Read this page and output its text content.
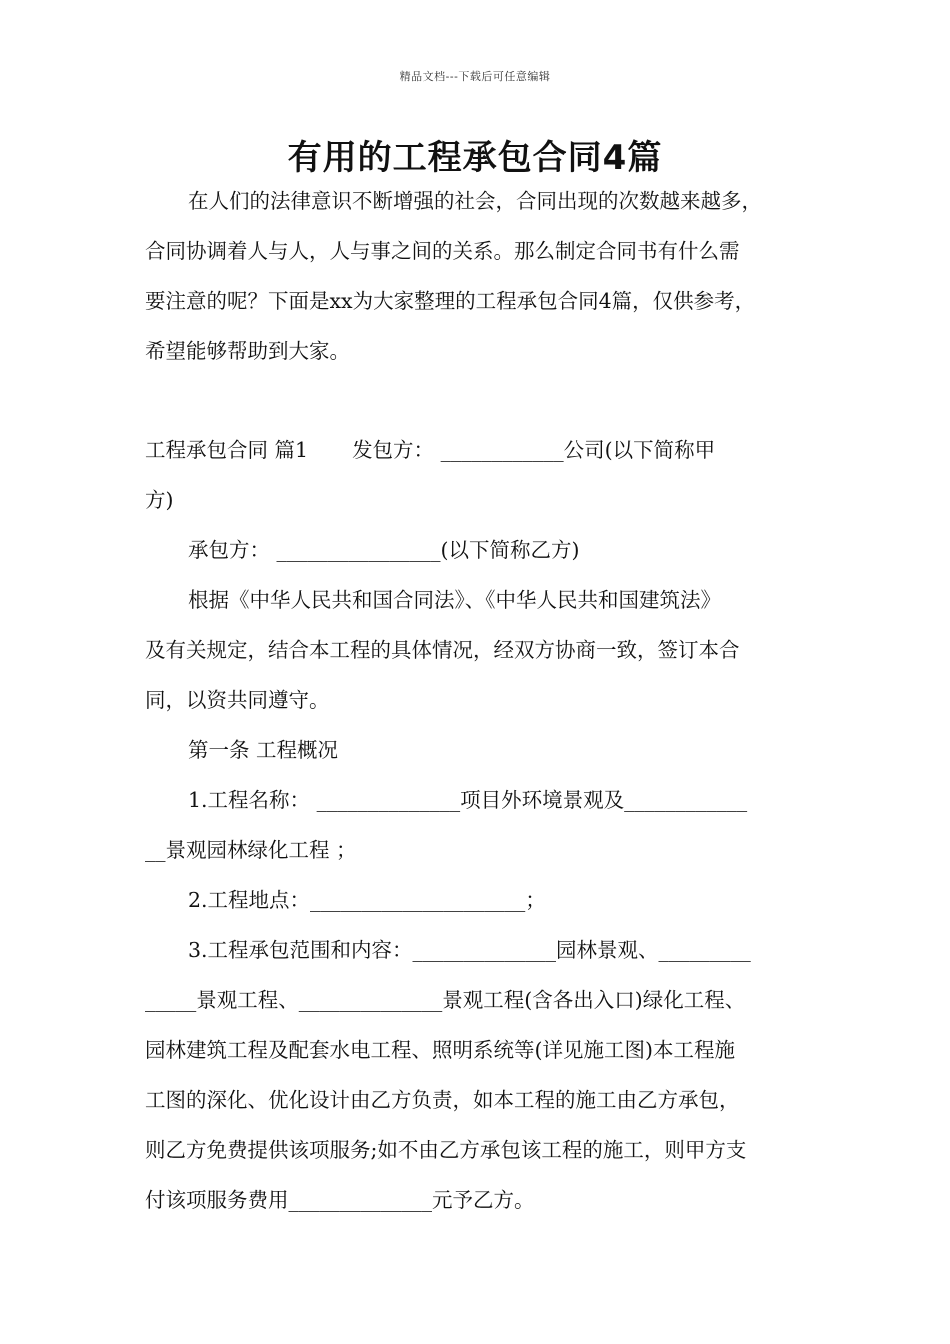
精品文档---下载后可任意编辑
有用的工程承包合同4篇
在人们的法律意识不断增强的社会，合同出现的次数越来越多，
合同协调着人与人，人与事之间的关系。那么制定合同书有什么需
要注意的呢？下面是xx为大家整理的工程承包合同4篇，仅供参考，
希望能够帮助到大家。
工程承包合同 篇1 发包方： ____________公司(以下简称甲
方)
承包方： ________________(以下简称乙方)
根据《中华人民共和国合同法》、《中华人民共和国建筑法》
及有关规定，结合本工程的具体情况，经双方协商一致，签订本合
同，以资共同遵守。
第一条 工程概况
1.工程名称： ______________项目外环境景观及____________
__景观园林绿化工程 ；
2.工程地点：_____________________；
3.工程承包范围和内容：______________园林景观、_________
_____景观工程、______________景观工程(含各出入口)绿化工程、
园林建筑工程及配套水电工程、照明系统等(详见施工图)本工程施
工图的深化、优化设计由乙方负责，如本工程的施工由乙方承包，
则乙方免费提供该项服务;如不由乙方承包该工程的施工，则甲方支
付该项服务费用______________元予乙方。
